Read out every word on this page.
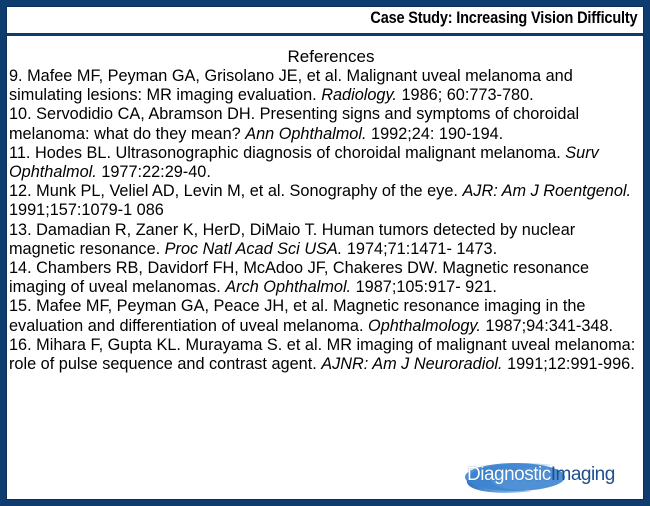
Case Study: Increasing Vision Difficulty
References

9. Mafee MF, Peyman GA, Grisolano JE, et al. Malignant uveal melanoma and simulating lesions: MR imaging evaluation. Radiology. 1986; 60:773-780.

10. Servodidio CA, Abramson DH. Presenting signs and symptoms of choroidal melanoma: what do they mean? Ann Ophthalmol. 1992;24: 190-194.

11. Hodes BL. Ultrasonographic diagnosis of choroidal malignant melanoma. Surv Ophthalmol. 1977:22:29-40.

12. Munk PL, Veliel AD, Levin M, et al. Sonography of the eye. AJR: Am J Roentgenol. 1991;157:1079-1 086

13. Damadian R, Zaner K, HerD, DiMaio T. Human tumors detected by nuclear magnetic resonance. Proc Natl Acad Sci USA. 1974;71:1471- 1473.

14. Chambers RB, Davidorf FH, McAdoo JF, Chakeres DW. Magnetic resonance imaging of uveal melanomas. Arch Ophthalmol. 1987;105:917- 921.

15. Mafee MF, Peyman GA, Peace JH, et al. Magnetic resonance imaging in the evaluation and differentiation of uveal melanoma. Ophthalmology. 1987;94:341-348.

16. Mihara F, Gupta KL. Murayama S. et al. MR imaging of malignant uveal melanoma: role of pulse sequence and contrast agent. AJNR: Am J Neuroradiol. 1991;12:991-996.

DiagnosticImaging
